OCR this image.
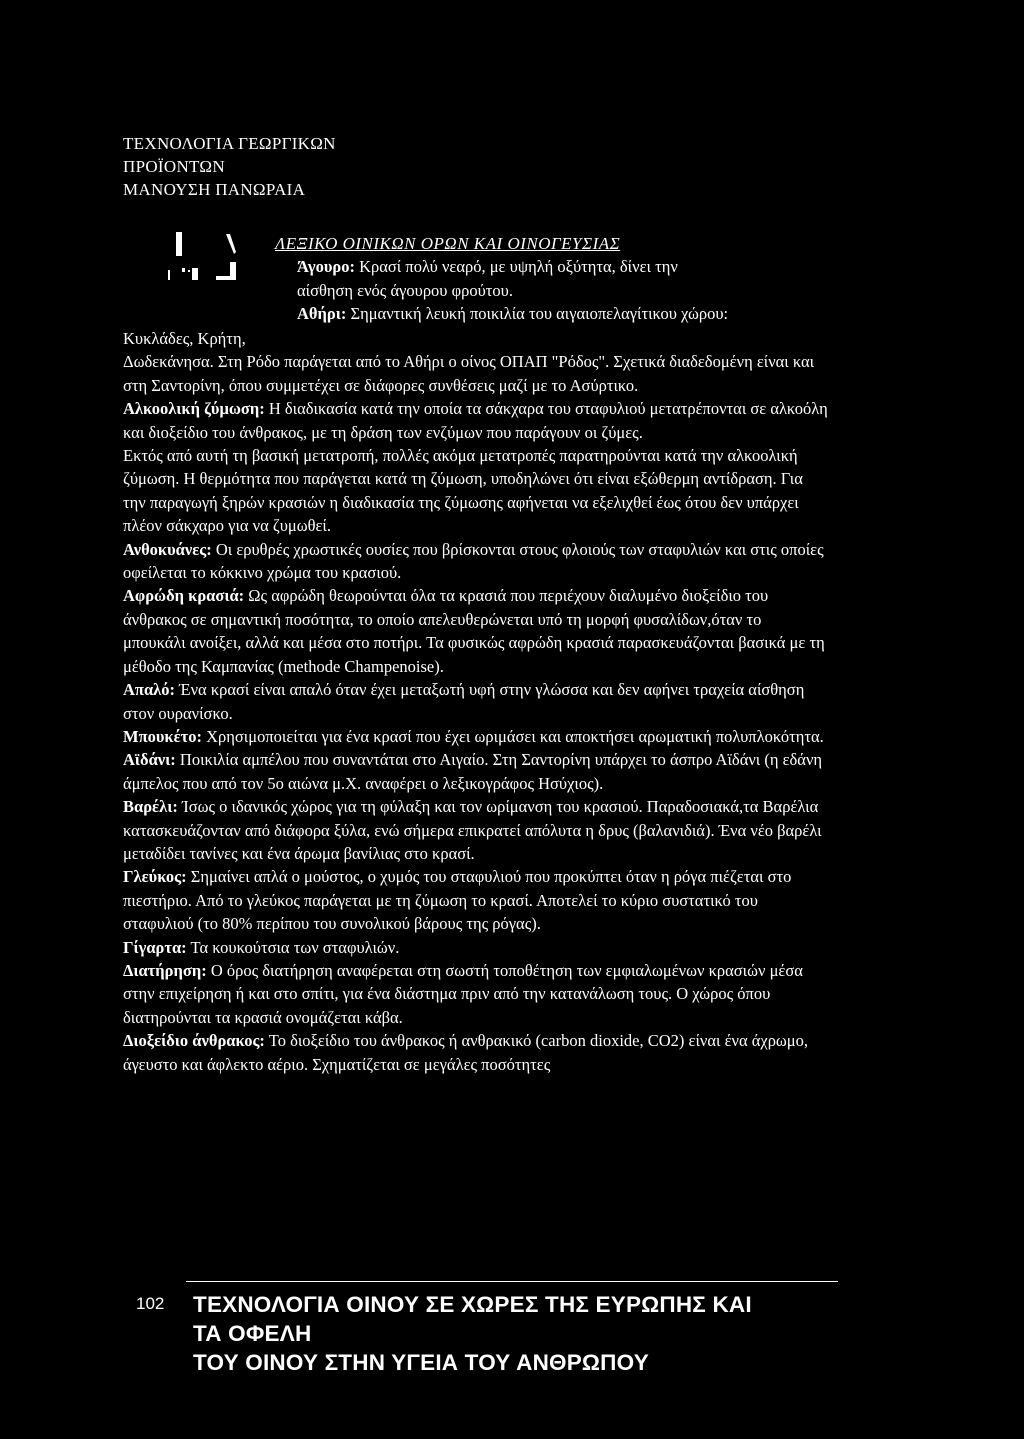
ΤΕΧΝΟΛΟΓΙΑ ΓΕΩΡΓΙΚΩΝ
ΠΡΟΪΟΝΤΩΝ
ΜΑΝΟΥΣΗ ΠΑΝΩΡΑΙΑ
ΛΕΞΙΚΟ ΟΙΝΙΚΩΝ ΟΡΩΝ ΚΑΙ ΟΙΝΟΓΕΥΣΙΑΣ
Άγουρο: Κρασί πολύ νεαρό, με υψηλή οξύτητα, δίνει την
αίσθηση ενός άγουρου φρούτου.
Αθήρι: Σημαντική λευκή ποικιλία του αιγαιοπελαγίτικου χώρου:

Κυκλάδες, Κρήτη,

Δωδεκάνησα. Στη Ρόδο παράγεται από το Αθήρι ο οίνος ΟΠΑΠ "Ρόδος". Σχετικά διαδεδομένη είναι και στη Σαντορίνη, όπου συμμετέχει σε διάφορες συνθέσεις μαζί με το Ασύρτικο.

Αλκοολική ζύμωση: Η διαδικασία κατά την οποία τα σάκχαρα του σταφυλιού μετατρέπονται σε αλκοόλη και διοξείδιο του άνθρακος, με τη δράση των ενζύμων που παράγουν οι ζύμες.

Εκτός από αυτή τη βασική μετατροπή, πολλές ακόμα μετατροπές παρατηρούνται κατά την αλκοολική ζύμωση. Η θερμότητα που παράγεται κατά τη ζύμωση, υποδηλώνει ότι είναι εξώθερμη αντίδραση. Για την παραγωγή ξηρών κρασιών η διαδικασία της ζύμωσης αφήνεται να εξελιχθεί έως ότου δεν υπάρχει πλέον σάκχαρο για να ζυμωθεί.

Ανθοκυάνες: Οι ερυθρές χρωστικές ουσίες που βρίσκονται στους φλοιούς των σταφυλιών και στις οποίες οφείλεται το κόκκινο χρώμα του κρασιού.

Αφρώδη κρασιά: Ως αφρώδη θεωρούνται όλα τα κρασιά που περιέχουν διαλυμένο διοξείδιο του άνθρακος σε σημαντική ποσότητα, το οποίο απελευθερώνεται υπό τη μορφή φυσαλίδων,όταν το μπουκάλι ανοίξει, αλλά και μέσα στο ποτήρι. Τα φυσικώς αφρώδη κρασιά παρασκευάζονται βασικά με τη μέθοδο της Καμπανίας (methode Champenoise).

Απαλό: Ένα κρασί είναι απαλό όταν έχει μεταξωτή υφή στην γλώσσα και δεν αφήνει τραχεία αίσθηση στον ουρανίσκο.

Μπουκέτο: Χρησιμοποιείται για ένα κρασί που έχει ωριμάσει και αποκτήσει αρωματική πολυπλοκότητα.

Αϊδάνι: Ποικιλία αμπέλου που συναντάται στο Αιγαίο. Στη Σαντορίνη υπάρχει το άσπρο Αϊδάνι (η εδάνη άμπελος που από τον 5ο αιώνα μ.Χ. αναφέρει ο λεξικογράφος Ησύχιος).

Βαρέλι: Ίσως ο ιδανικός χώρος για τη φύλαξη και τον ωρίμανση του κρασιού. Παραδοσιακά,τα Βαρέλια κατασκευάζονταν από διάφορα ξύλα, ενώ σήμερα επικρατεί απόλυτα η δρυς (βαλανιδιά). Ένα νέο βαρέλι μεταδίδει τανίνες και ένα άρωμα βανίλιας στο κρασί.

Γλεύκος: Σημαίνει απλά ο μούστος, ο χυμός του σταφυλιού που προκύπτει όταν η ρόγα πιέζεται στο πιεστήριο. Από το γλεύκος παράγεται με τη ζύμωση το κρασί. Αποτελεί το κύριο συστατικό του σταφυλιού (το 80% περίπου του συνολικού βάρους της ρόγας).

Γίγαρτα: Τα κουκούτσια των σταφυλιών.

Διατήρηση: Ο όρος διατήρηση αναφέρεται στη σωστή τοποθέτηση των εμφιαλωμένων κρασιών μέσα στην επιχείρηση ή και στο σπίτι, για ένα διάστημα πριν από την κατανάλωση τους. Ο χώρος όπου διατηρούνται τα κρασιά ονομάζεται κάβα.

Διοξείδιο άνθρακος: Το διοξείδιο του άνθρακος ή ανθρακικό (carbon dioxide, CO2) είναι ένα άχρωμο, άγευστο και άφλεκτο αέριο. Σχηματίζεται σε μεγάλες ποσότητες

102 ΤΕΧΝΟΛΟΓΙΑ ΟΙΝΟΥ ΣΕ ΧΩΡΕΣ ΤΗΣ ΕΥΡΩΠΗΣ ΚΑΙ
ΤΑ ΟΦΕΛΗ
ΤΟΥ ΟΙΝΟΥ ΣΤΗΝ ΥΓΕΙΑ ΤΟΥ ΑΝΘΡΩΠΟΥ
